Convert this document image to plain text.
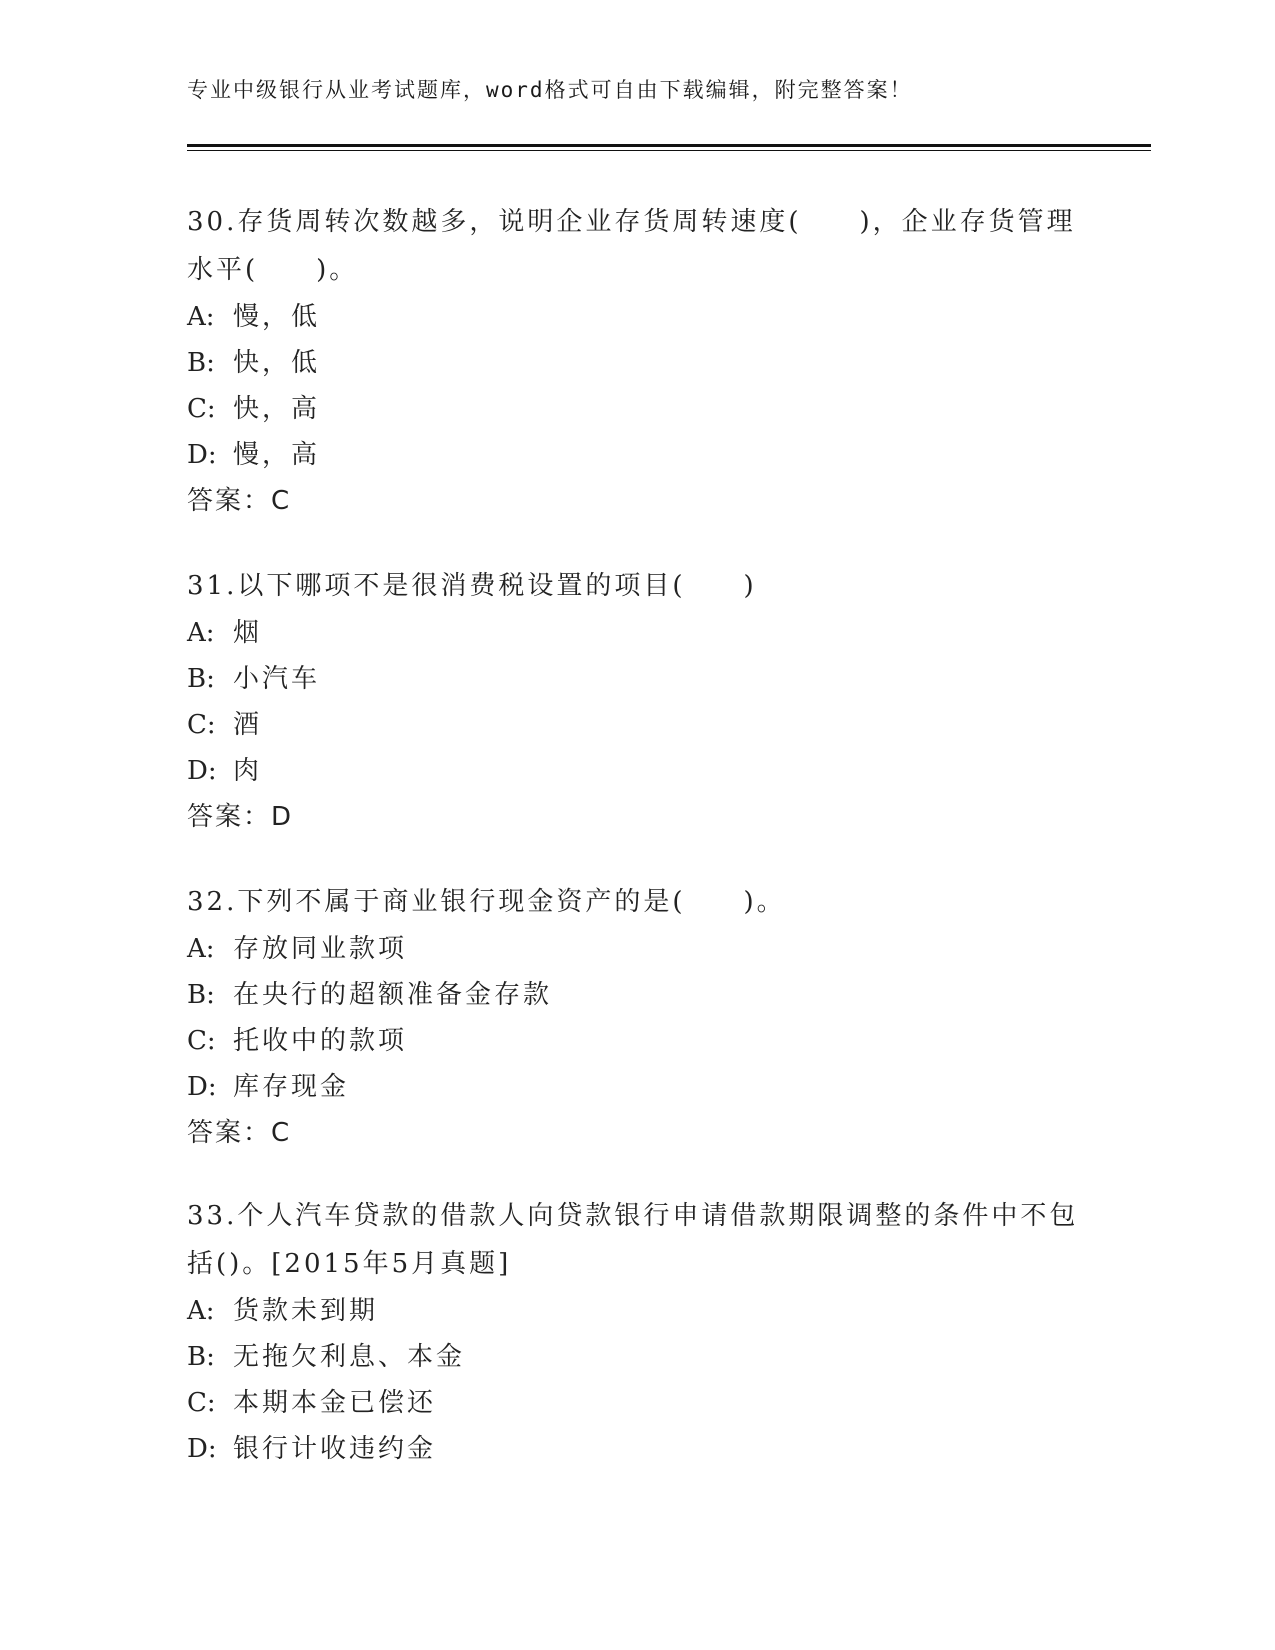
专业中级银行从业考试题库，word格式可自由下载编辑，附完整答案！
30.存货周转次数越多，说明企业存货周转速度(　　)，企业存货管理
水平(　　)。
A: 慢，低
B: 快，低
C: 快，高
D: 慢，高
答案：C
31.以下哪项不是很消费税设置的项目(　　)
A: 烟
B: 小汽车
C: 酒
D: 肉
答案：D
32.下列不属于商业银行现金资产的是(　　)。
A: 存放同业款项
B: 在央行的超额准备金存款
C: 托收中的款项
D: 库存现金
答案：C
33.个人汽车贷款的借款人向贷款银行申请借款期限调整的条件中不包
括()。[2015年5月真题]
A: 货款未到期
B: 无拖欠利息、本金
C: 本期本金已偿还
D: 银行计收违约金
